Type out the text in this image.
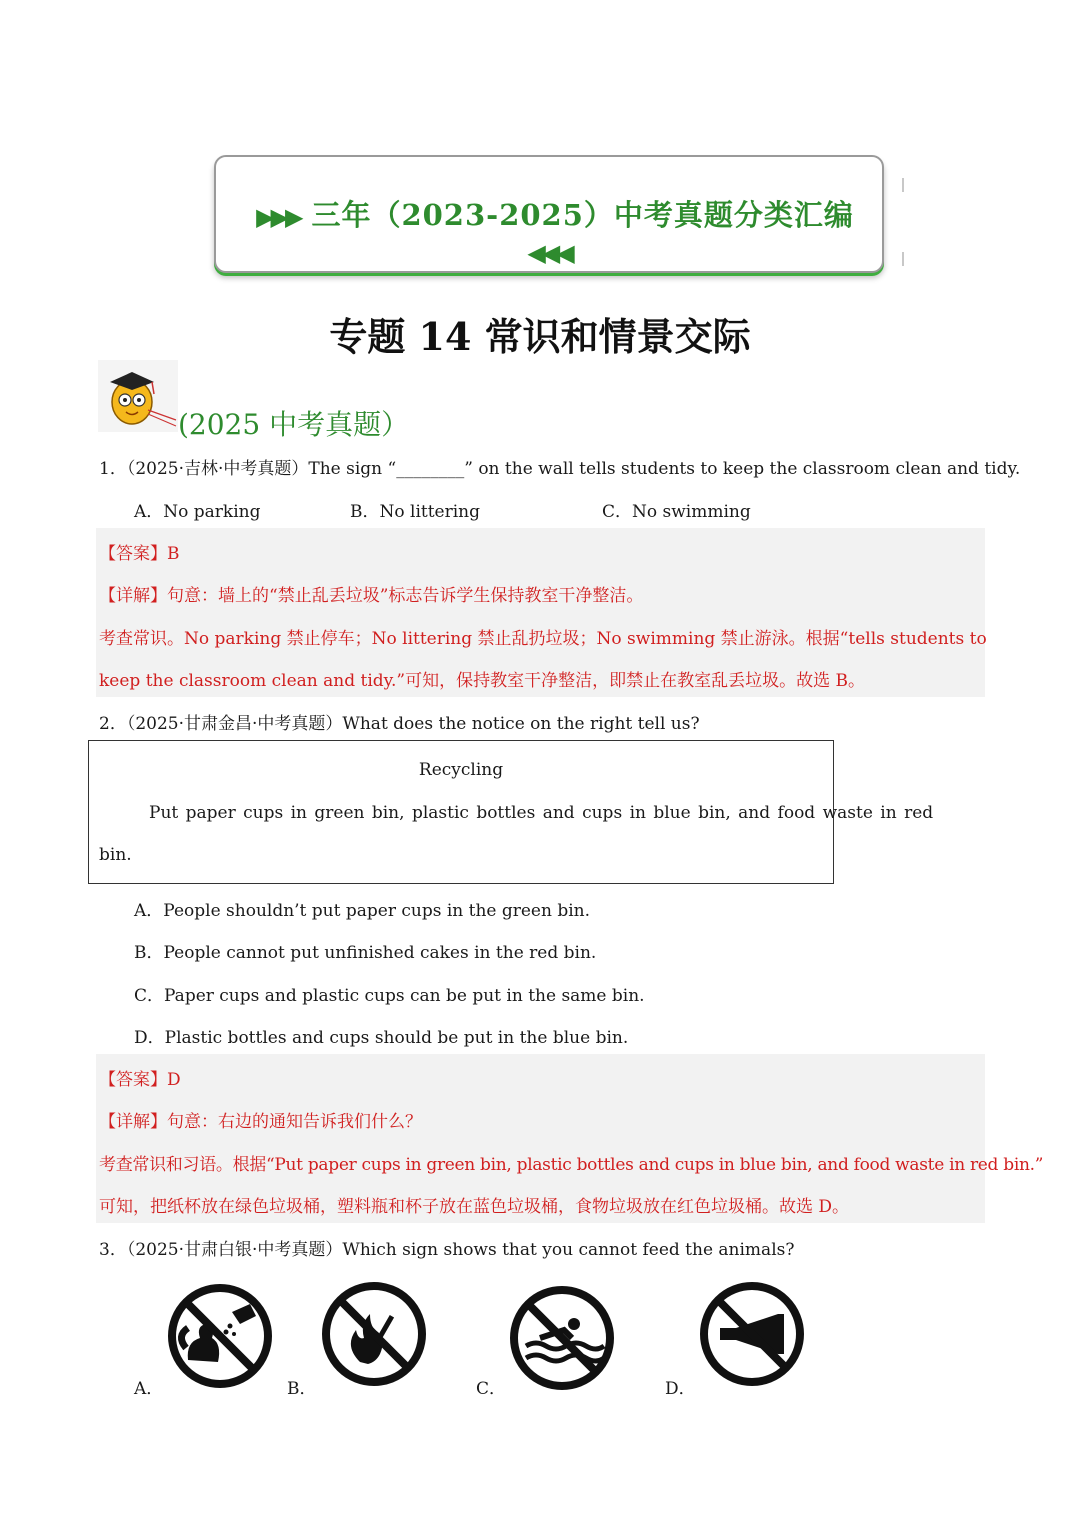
▶▶▶ 三年（2023-2025）中考真题分类汇编◀◀◀
专题 14 常识和情景交际
(2025 中考真题）
1．（2025·吉林·中考真题）The sign “________” on the wall tells students to keep the classroom clean and tidy.
A．No parking	B．No littering	C．No swimming
【答案】B
【详解】句意：墙上的“禁止乱丢垃圾”标志告诉学生保持教室干净整洁。
考查常识。No parking 禁止停车；No littering 禁止乱扔垃圾；No swimming 禁止游泳。根据“tells students to
keep the classroom clean and tidy.”可知，保持教室干净整洁，即禁止在教室乱丢垃圾。故选 B。
2．（2025·甘肃金昌·中考真题）What does the notice on the right tell us?
Recycling
Put paper cups in green bin, plastic bottles and cups in blue bin, and food waste in red
bin.
A．People shouldn’t put paper cups in the green bin.
B．People cannot put unfinished cakes in the red bin.
C．Paper cups and plastic cups can be put in the same bin.
D．Plastic bottles and cups should be put in the blue bin.
【答案】D
【详解】句意：右边的通知告诉我们什么？
考查常识和习语。根据“Put paper cups in green bin, plastic bottles and cups in blue bin, and food waste in red bin.”
可知，把纸杯放在绿色垃圾桶，塑料瓶和杯子放在蓝色垃圾桶，食物垃圾放在红色垃圾桶。故选 D。
3．（2025·甘肃白银·中考真题）Which sign shows that you cannot feed the animals?
A．	B．	C．	D．
